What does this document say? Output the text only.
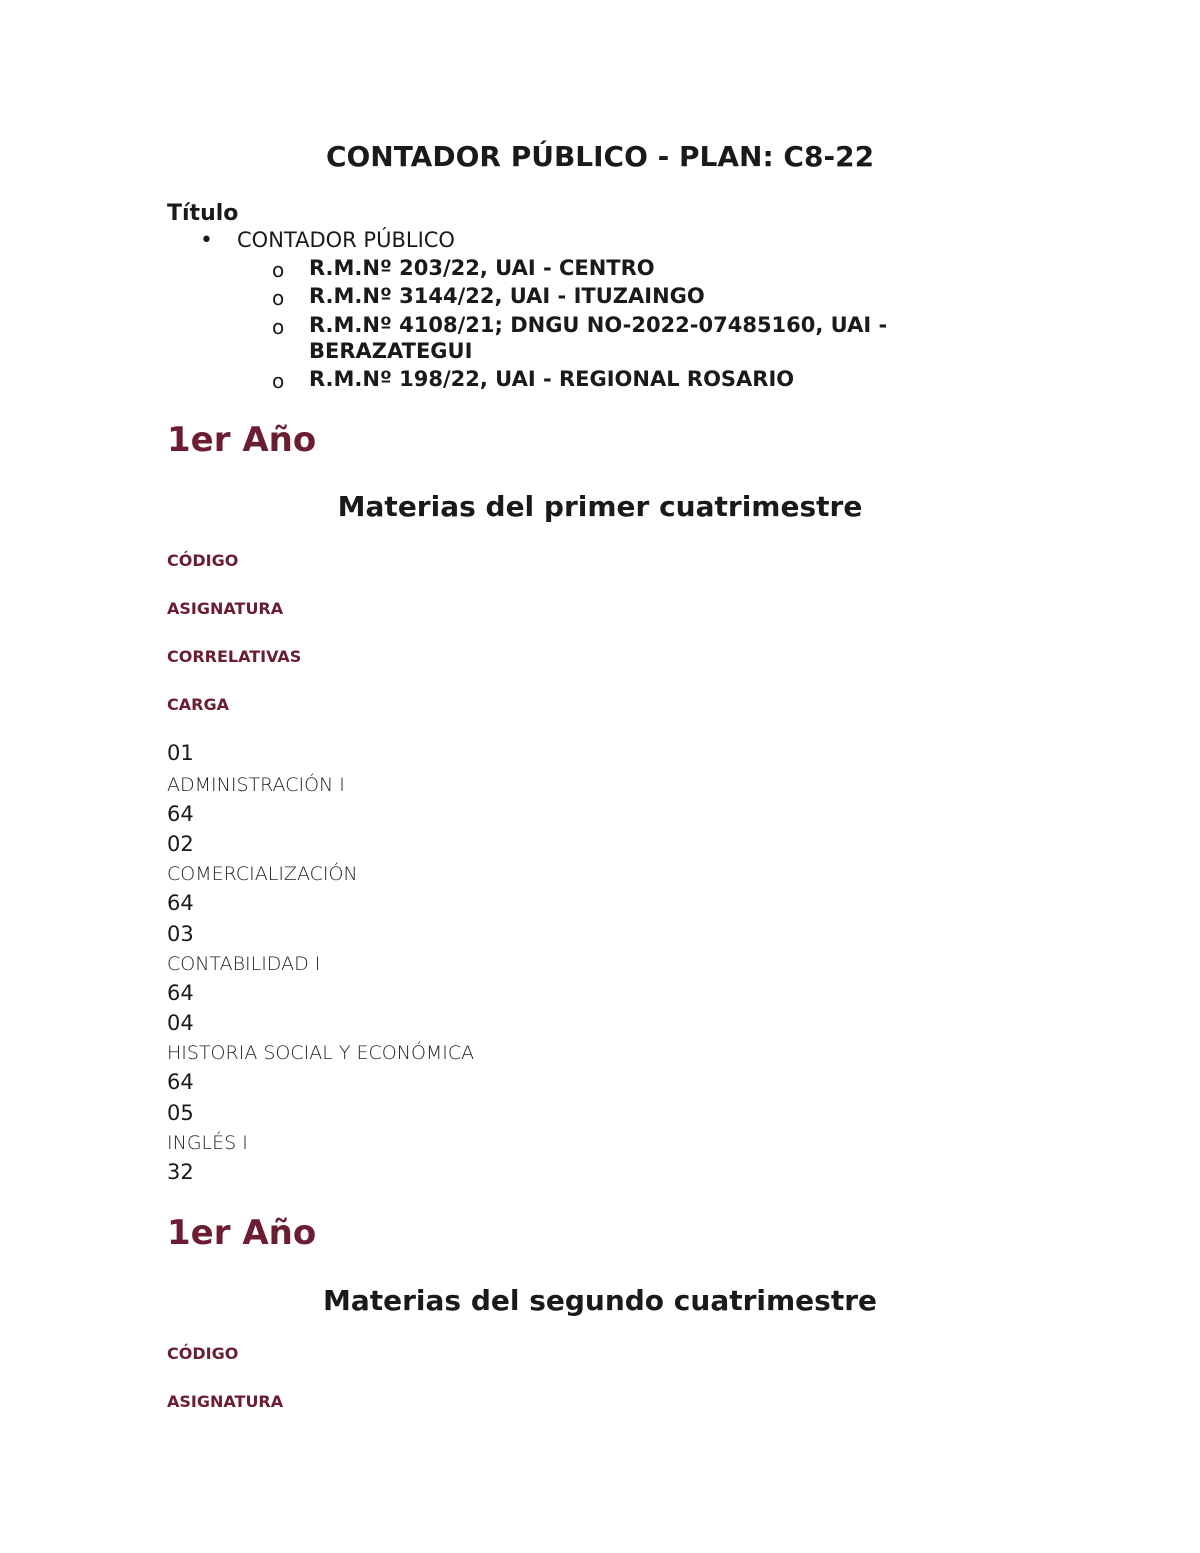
CONTADOR PÚBLICO - PLAN: C8-22
Título
• CONTADOR PÚBLICO
o R.M.Nº 203/22, UAI - CENTRO
o R.M.Nº 3144/22, UAI - ITUZAINGO
o R.M.Nº 4108/21; DNGU NO-2022-07485160, UAI -
BERAZATEGUI
o R.M.Nº 198/22, UAI - REGIONAL ROSARIO
1er Año
Materias del primer cuatrimestre
CÓDIGO
ASIGNATURA
CORRELATIVAS
CARGA
01
ADMINISTRACIÓN I
64
02
COMERCIALIZACIÓN
64
03
CONTABILIDAD I
64
04
HISTORIA SOCIAL Y ECONÓMICA
64
05
INGLÉS I
32
1er Año
Materias del segundo cuatrimestre
CÓDIGO
ASIGNATURA
